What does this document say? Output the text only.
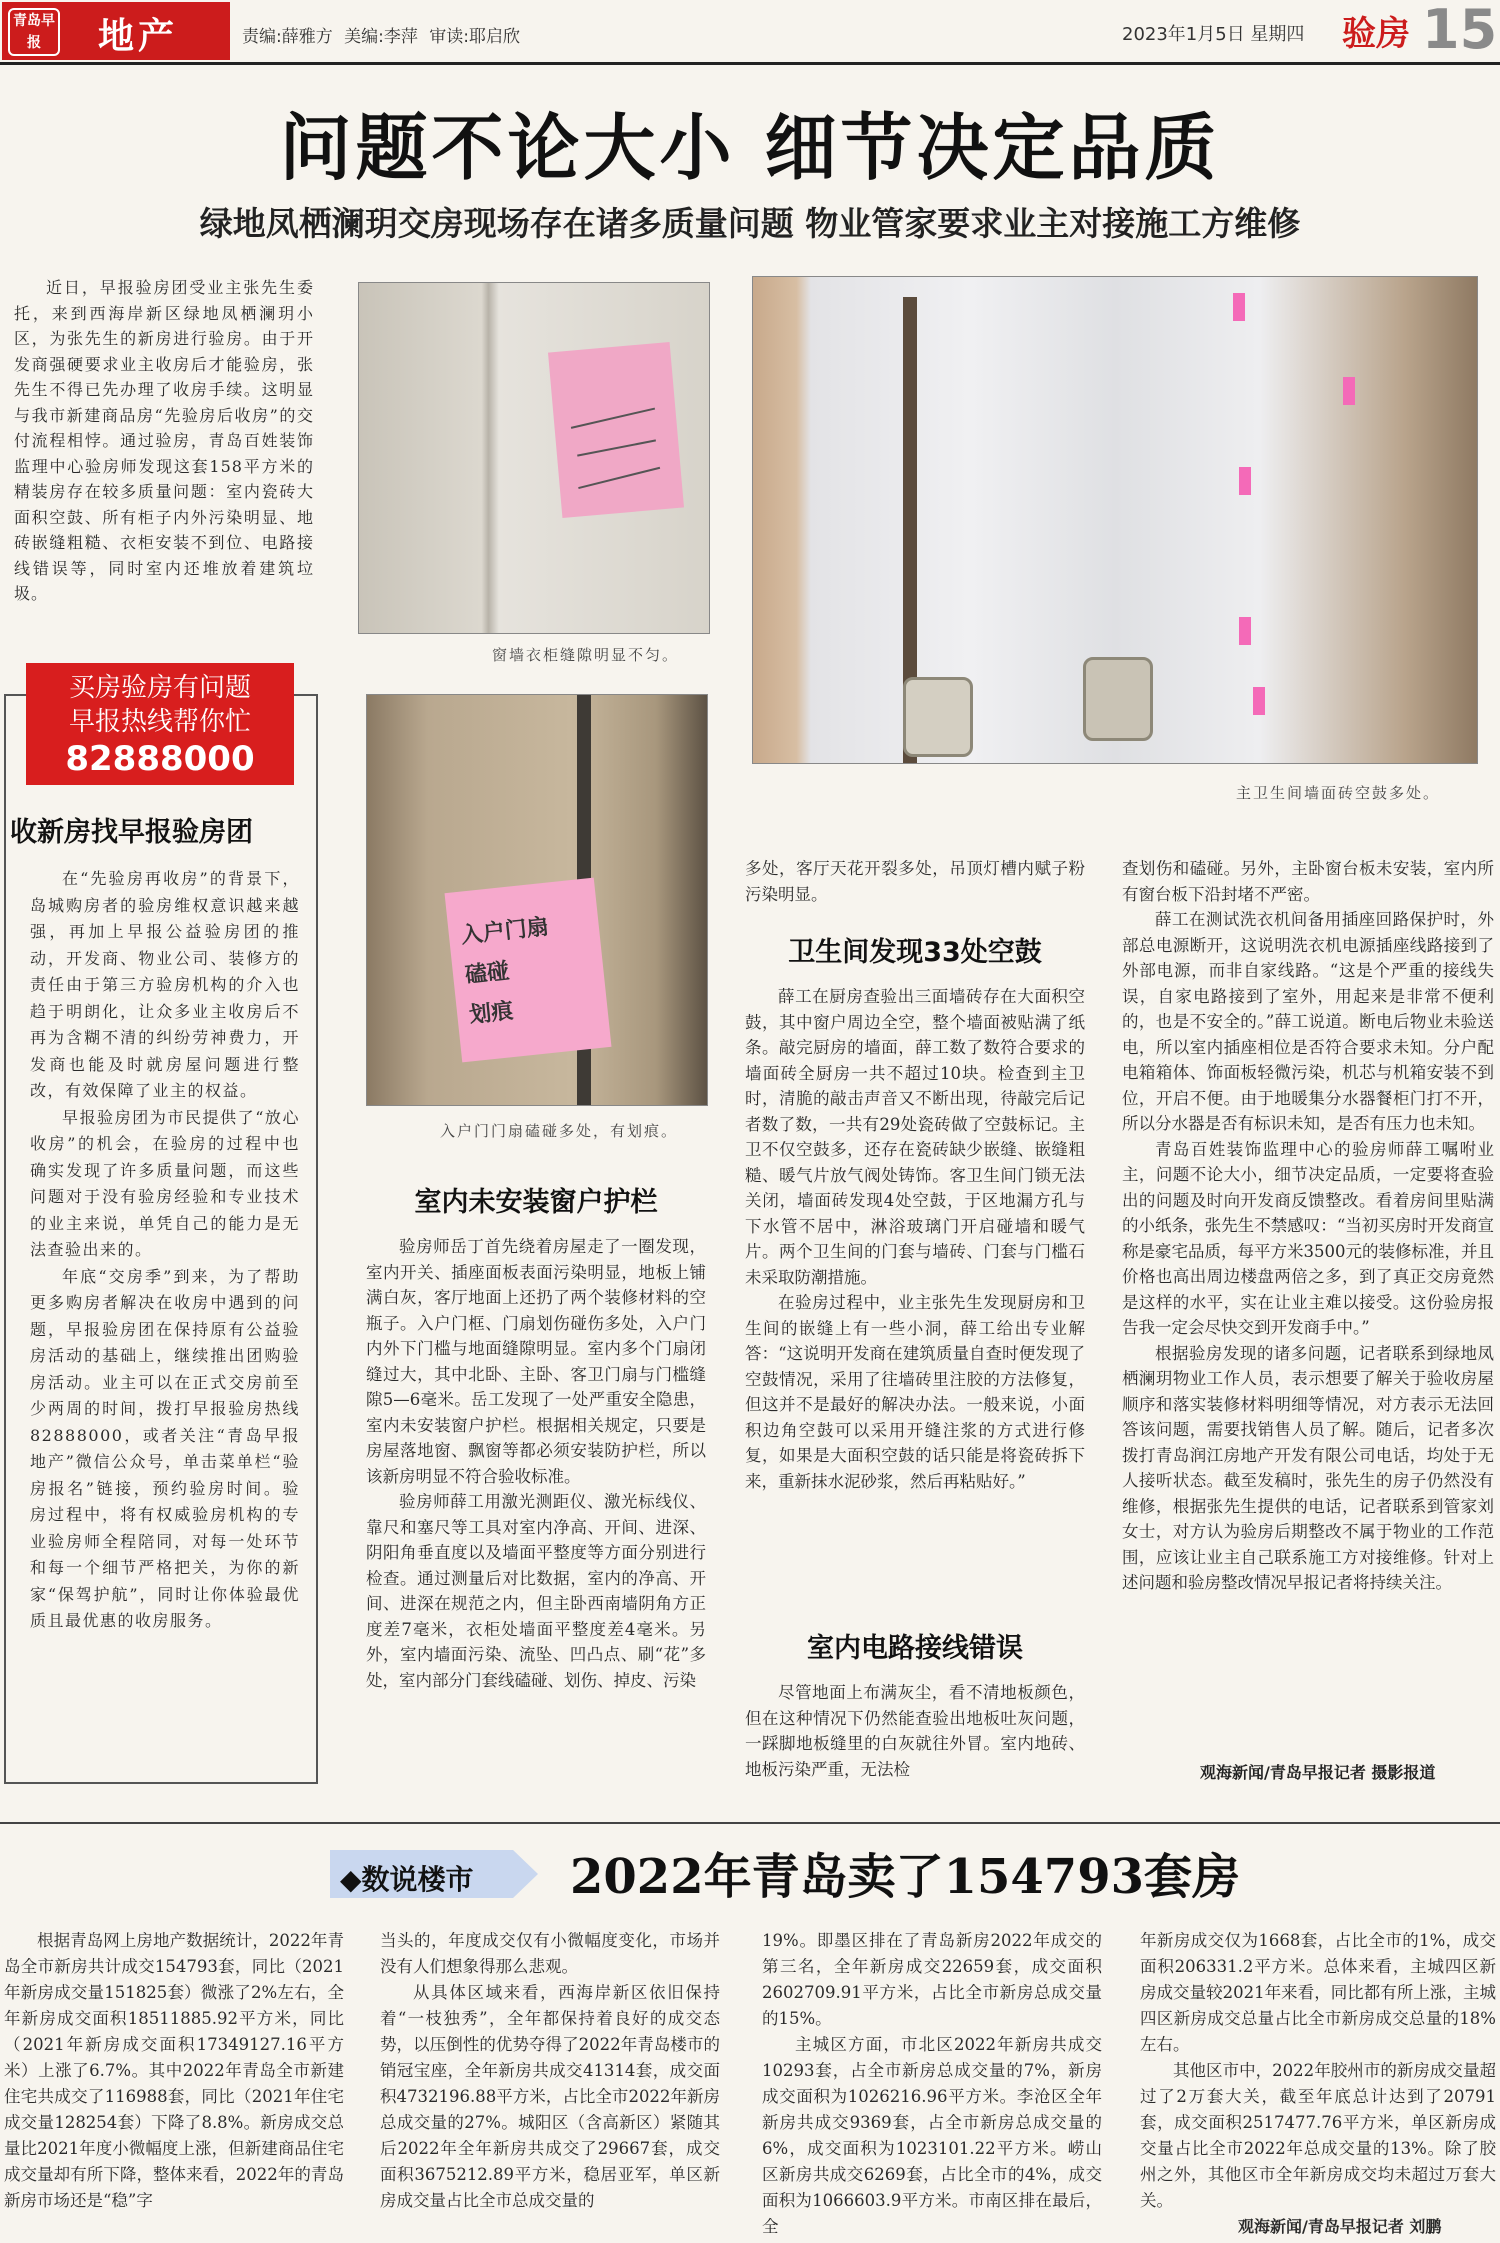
青岛早报	地产	责编:薛雅方 美编:李萍 审读:耶启欣	2023年1月5日 星期四 验房 15
问题不论大小 细节决定品质
绿地凤栖澜玥交房现场存在诸多质量问题 物业管家要求业主对接施工方维修

近日，早报验房团受业主张先生委托，来到西海岸新区绿地凤栖澜玥小区，为张先生的新房进行验房。由于开发商强硬要求业主收房后才能验房，张先生不得已先办理了收房手续。这明显与我市新建商品房“先验房后收房”的交付流程相悖。通过验房，青岛百姓装饰监理中心验房师发现这套158平方米的精装房存在较多质量问题：室内瓷砖大面积空鼓、所有柜子内外污染明显、地砖嵌缝粗糙、衣柜安装不到位、电路接线错误等，同时室内还堆放着建筑垃圾。

买房验房有问题
早报热线帮你忙
82888000
收新房找早报验房团

在“先验房再收房”的背景下，岛城购房者的验房维权意识越来越强，再加上早报公益验房团的推动，开发商、物业公司、装修方的责任由于第三方验房机构的介入也趋于明朗化，让众多业主收房后不再为含糊不清的纠纷劳神费力，开发商也能及时就房屋问题进行整改，有效保障了业主的权益。

早报验房团为市民提供了“放心收房”的机会，在验房的过程中也确实发现了许多质量问题，而这些问题对于没有验房经验和专业技术的业主来说，单凭自己的能力是无法查验出来的。

年底“交房季”到来，为了帮助更多购房者解决在收房中遇到的问题，早报验房团在保持原有公益验房活动的基础上，继续推出团购验房活动。业主可以在正式交房前至少两周的时间，拨打早报验房热线82888000，或者关注“青岛早报地产”微信公众号，单击菜单栏“验房报名”链接，预约验房时间。验房过程中，将有权威验房机构的专业验房师全程陪同，对每一处环节和每一个细节严格把关，为你的新家“保驾护航”，同时让你体验最优质且最优惠的收房服务。

窗墙衣柜缝隙明显不匀。
入户门扇
磕碰
划痕
入户门门扇磕碰多处，有划痕。
主卫生间墙面砖空鼓多处。
室内未安装窗户护栏

验房师岳丁首先绕着房屋走了一圈发现，室内开关、插座面板表面污染明显，地板上铺满白灰，客厅地面上还扔了两个装修材料的空瓶子。入户门框、门扇划伤碰伤多处，入户门内外下门槛与地面缝隙明显。室内多个门扇闭缝过大，其中北卧、主卧、客卫门扇与门槛缝隙5—6毫米。岳工发现了一处严重安全隐患，室内未安装窗户护栏。根据相关规定，只要是房屋落地窗、飘窗等都必须安装防护栏，所以该新房明显不符合验收标准。

验房师薛工用激光测距仪、激光标线仪、靠尺和塞尺等工具对室内净高、开间、进深、阴阳角垂直度以及墙面平整度等方面分别进行检查。通过测量后对比数据，室内的净高、开间、进深在规范之内，但主卧西南墙阴角方正度差7毫米，衣柜处墙面平整度差4毫米。另外，室内墙面污染、流坠、凹凸点、刷“花”多处，室内部分门套线磕碰、划伤、掉皮、污染

多处，客厅天花开裂多处，吊顶灯槽内赋子粉污染明显。

卫生间发现33处空鼓

薛工在厨房查验出三面墙砖存在大面积空鼓，其中窗户周边全空，整个墙面被贴满了纸条。敲完厨房的墙面，薛工数了数符合要求的墙面砖全厨房一共不超过10块。检查到主卫时，清脆的敲击声音又不断出现，待敲完后记者数了数，一共有29处瓷砖做了空鼓标记。主卫不仅空鼓多，还存在瓷砖缺少嵌缝、嵌缝粗糙、暖气片放气阀处铸饰。客卫生间门锁无法关闭，墙面砖发现4处空鼓，于区地漏方孔与下水管不居中，淋浴玻璃门开启碰墙和暖气片。两个卫生间的门套与墙砖、门套与门槛石未采取防潮措施。

在验房过程中，业主张先生发现厨房和卫生间的嵌缝上有一些小洞，薛工给出专业解答：“这说明开发商在建筑质量自查时便发现了空鼓情况，采用了往墙砖里注胶的方法修复，但这并不是最好的解决办法。一般来说，小面积边角空鼓可以采用开缝注浆的方式进行修复，如果是大面积空鼓的话只能是将瓷砖拆下来，重新抹水泥砂浆，然后再粘贴好。”

室内电路接线错误

尽管地面上布满灰尘，看不清地板颜色，但在这种情况下仍然能查验出地板吐灰问题，一踩脚地板缝里的白灰就往外冒。室内地砖、地板污染严重，无法检

查划伤和磕碰。另外，主卧窗台板未安装，室内所有窗台板下沿封堵不严密。

薛工在测试洗衣机间备用插座回路保护时，外部总电源断开，这说明洗衣机电源插座线路接到了外部电源，而非自家线路。“这是个严重的接线失误，自家电路接到了室外，用起来是非常不便利的，也是不安全的。”薛工说道。断电后物业未验送电，所以室内插座相位是否符合要求未知。分户配电箱箱体、饰面板轻微污染，机芯与机箱安装不到位，开启不便。由于地暖集分水器餐柜门打不开，所以分水器是否有标识未知，是否有压力也未知。

青岛百姓装饰监理中心的验房师薛工嘱咐业主，问题不论大小，细节决定品质，一定要将查验出的问题及时向开发商反馈整改。看着房间里贴满的小纸条，张先生不禁感叹：“当初买房时开发商宣称是豪宅品质，每平方米3500元的装修标准，并且价格也高出周边楼盘两倍之多，到了真正交房竟然是这样的水平，实在让业主难以接受。这份验房报告我一定会尽快交到开发商手中。”

根据验房发现的诸多问题，记者联系到绿地凤栖澜玥物业工作人员，表示想要了解关于验收房屋顺序和落实装修材料明细等情况，对方表示无法回答该问题，需要找销售人员了解。随后，记者多次拨打青岛润江房地产开发有限公司电话，均处于无人接听状态。截至发稿时，张先生的房子仍然没有维修，根据张先生提供的电话，记者联系到管家刘女士，对方认为验房后期整改不属于物业的工作范围，应该让业主自己联系施工方对接维修。针对上述问题和验房整改情况早报记者将持续关注。

观海新闻/青岛早报记者 摄影报道
◆数说楼市 2022年青岛卖了154793套房

根据青岛网上房地产数据统计，2022年青岛全市新房共计成交154793套，同比（2021年新房成交量151825套）微涨了2%左右，全年新房成交面积18511885.92平方米，同比（2021年新房成交面积17349127.16平方米）上涨了6.7%。其中2022年青岛全市新建住宅共成交了116988套，同比（2021年住宅成交量128254套）下降了8.8%。新房成交总量比2021年度小微幅度上涨，但新建商品住宅成交量却有所下降，整体来看，2022年的青岛新房市场还是“稳”字

当头的，年度成交仅有小微幅度变化，市场并没有人们想象得那么悲观。

从具体区域来看，西海岸新区依旧保持着“一枝独秀”，全年都保持着良好的成交态势，以压倒性的优势夺得了2022年青岛楼市的销冠宝座，全年新房共成交41314套，成交面积4732196.88平方米，占比全市2022年新房总成交量的27%。城阳区（含高新区）紧随其后2022年全年新房共成交了29667套，成交面积3675212.89平方米，稳居亚军，单区新房成交量占比全市总成交量的

19%。即墨区排在了青岛新房2022年成交的第三名，全年新房成交22659套，成交面积2602709.91平方米，占比全市新房总成交量的15%。

主城区方面，市北区2022年新房共成交10293套，占全市新房总成交量的7%，新房成交面积为1026216.96平方米。李沧区全年新房共成交9369套，占全市新房总成交量的6%，成交面积为1023101.22平方米。崂山区新房共成交6269套，占比全市的4%，成交面积为1066603.9平方米。市南区排在最后，全

年新房成交仅为1668套，占比全市的1%，成交面积206331.2平方米。总体来看，主城四区新房成交量较2021年来看，同比都有所上涨，主城四区新房成交总量占比全市新房成交总量的18%左右。

其他区市中，2022年胶州市的新房成交量超过了2万套大关，截至年底总计达到了20791套，成交面积2517477.76平方米，单区新房成交量占比全市2022年总成交量的13%。除了胶州之外，其他区市全年新房成交均未超过万套大关。

观海新闻/青岛早报记者 刘鹏
